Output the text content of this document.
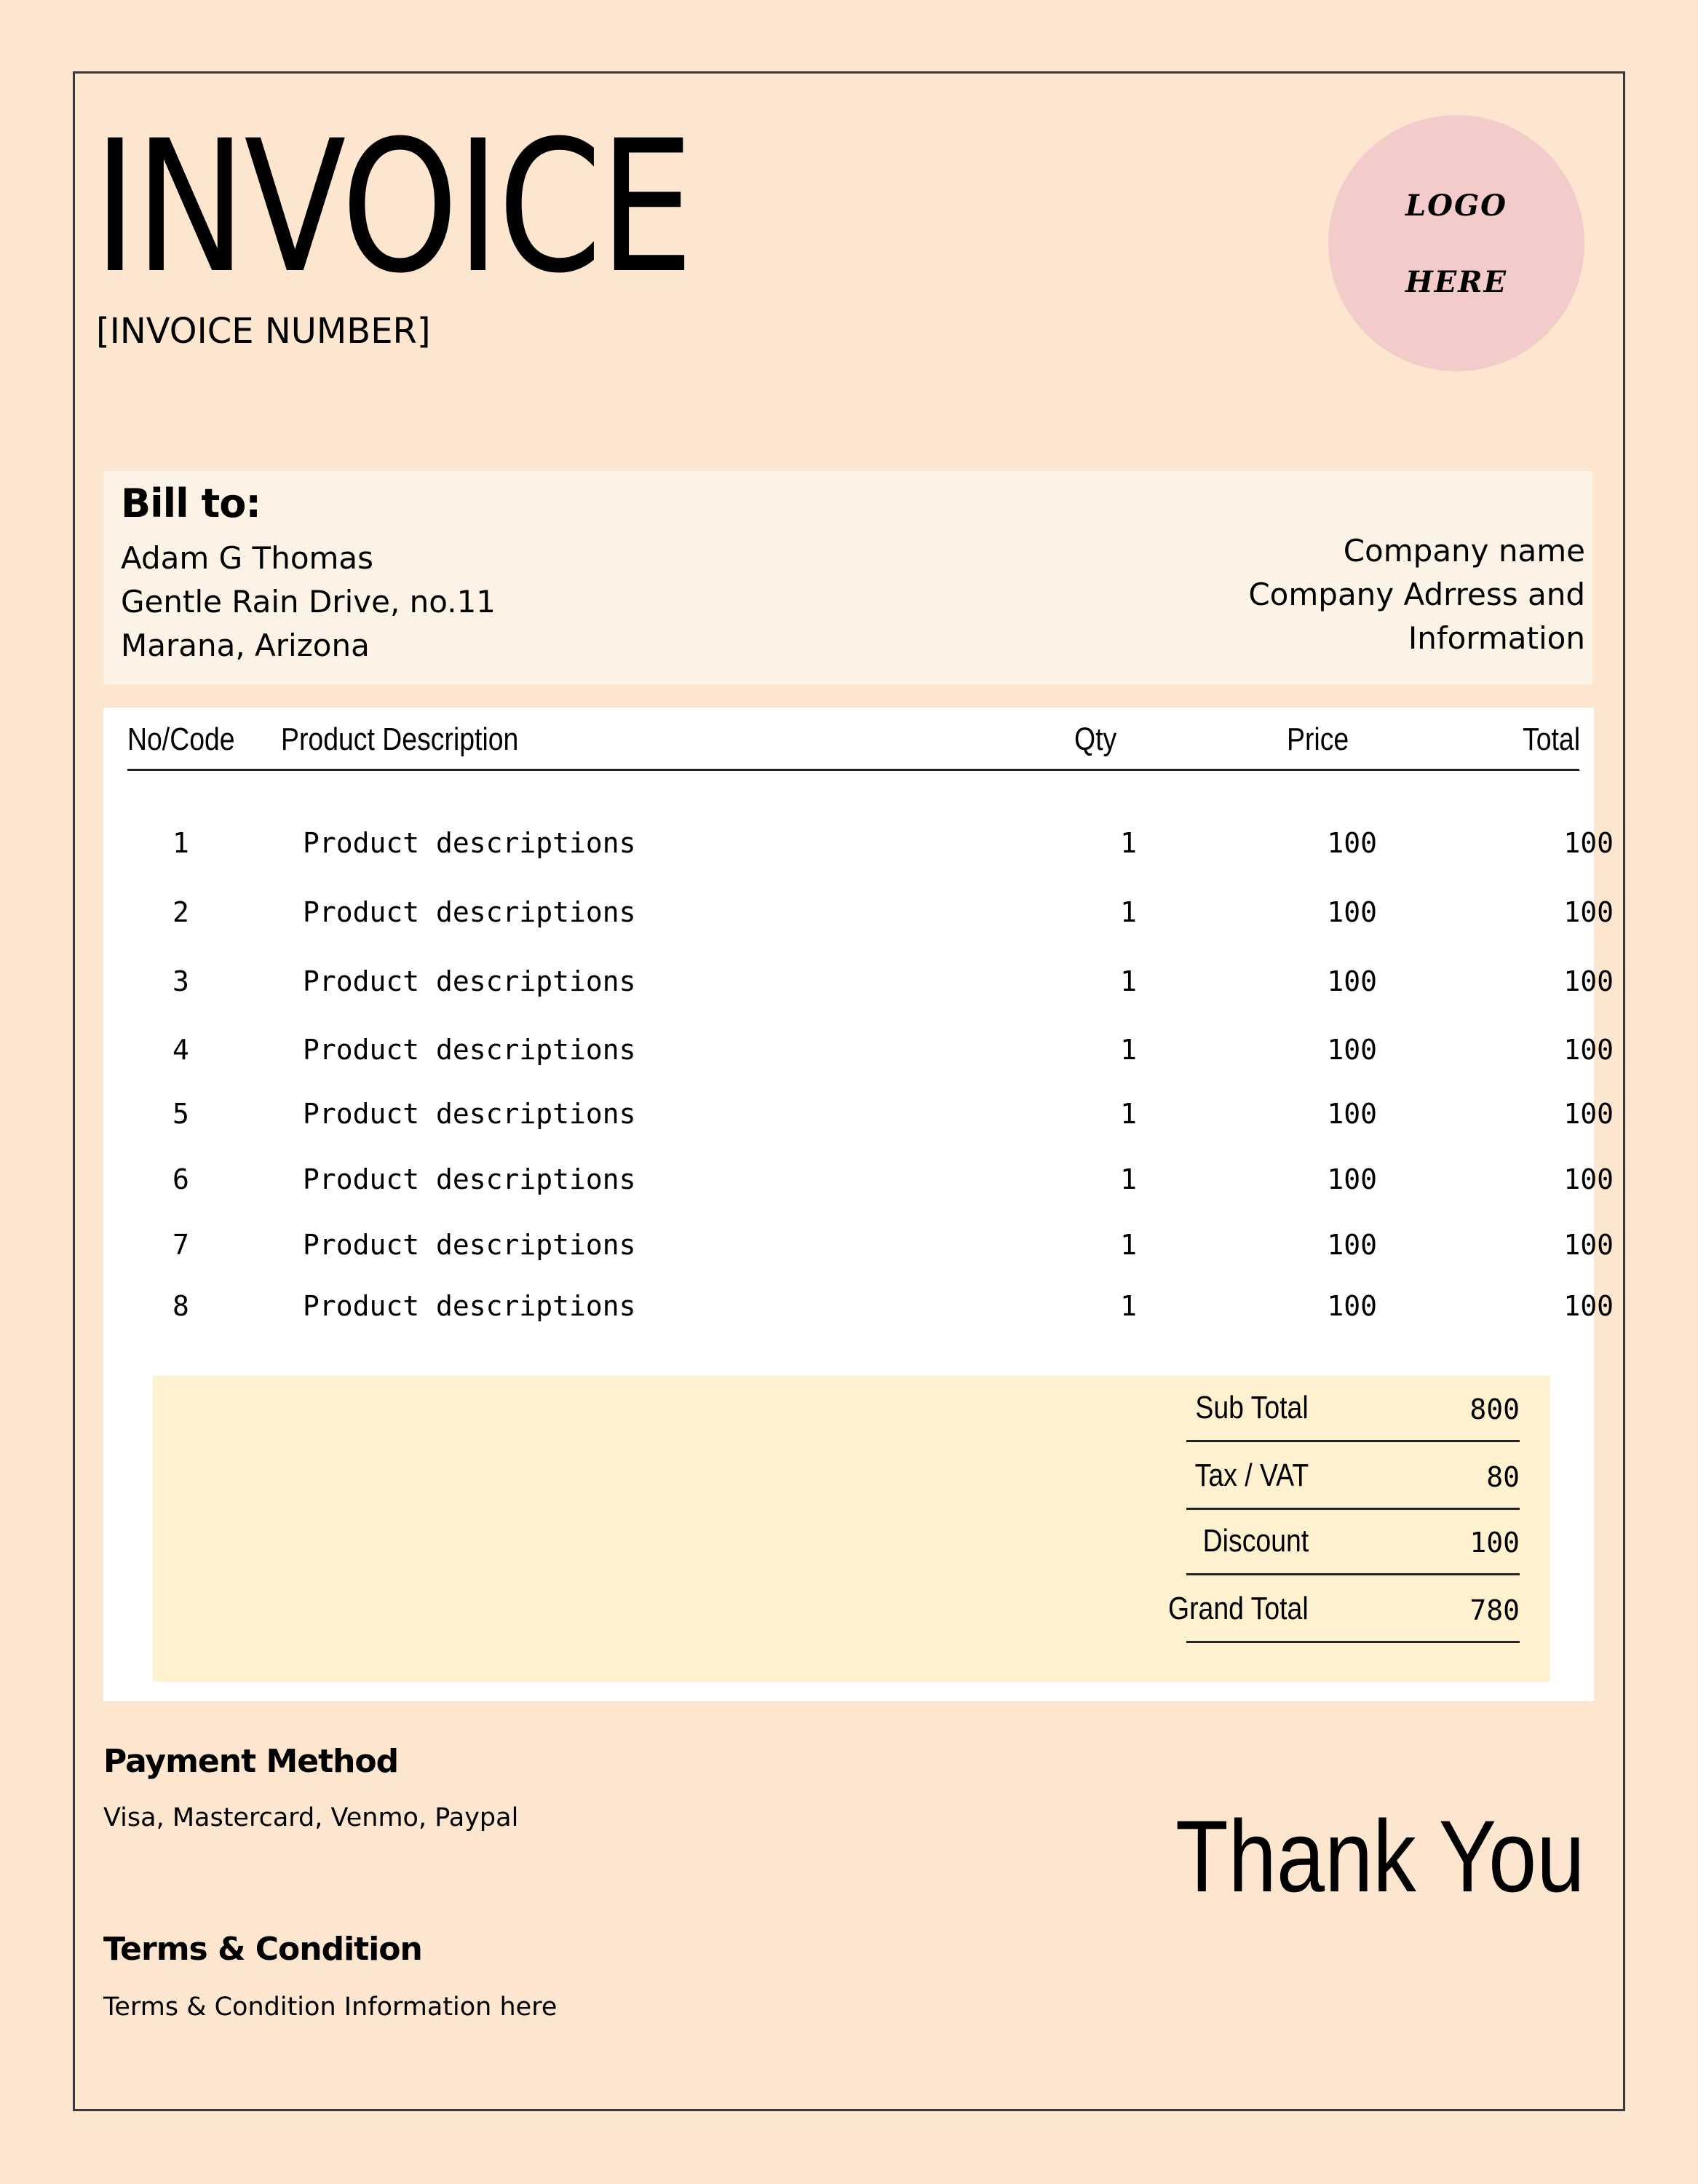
INVOICE
[INVOICE NUMBER]
LOGO
HERE
Bill to:
Adam G Thomas
Gentle Rain Drive, no.11
Marana, Arizona
Company name
Company Adrress and
Information
No/Code Product Description	Qty	Price	Total
1	Product descriptions	1	100	100
2	Product descriptions	1	100	100
3	Product descriptions	1	100	100
4	Product descriptions	1	100	100
5	Product descriptions	1	100	100
6	Product descriptions	1	100	100
7	Product descriptions	1	100	100
8	Product descriptions	1	100	100
Sub Total	800
Tax / VAT	80
Discount	100
Grand Total	780
Payment Method
Visa, Mastercard, Venmo, Paypal
Terms & Condition
Terms & Condition Information here
Thank You
